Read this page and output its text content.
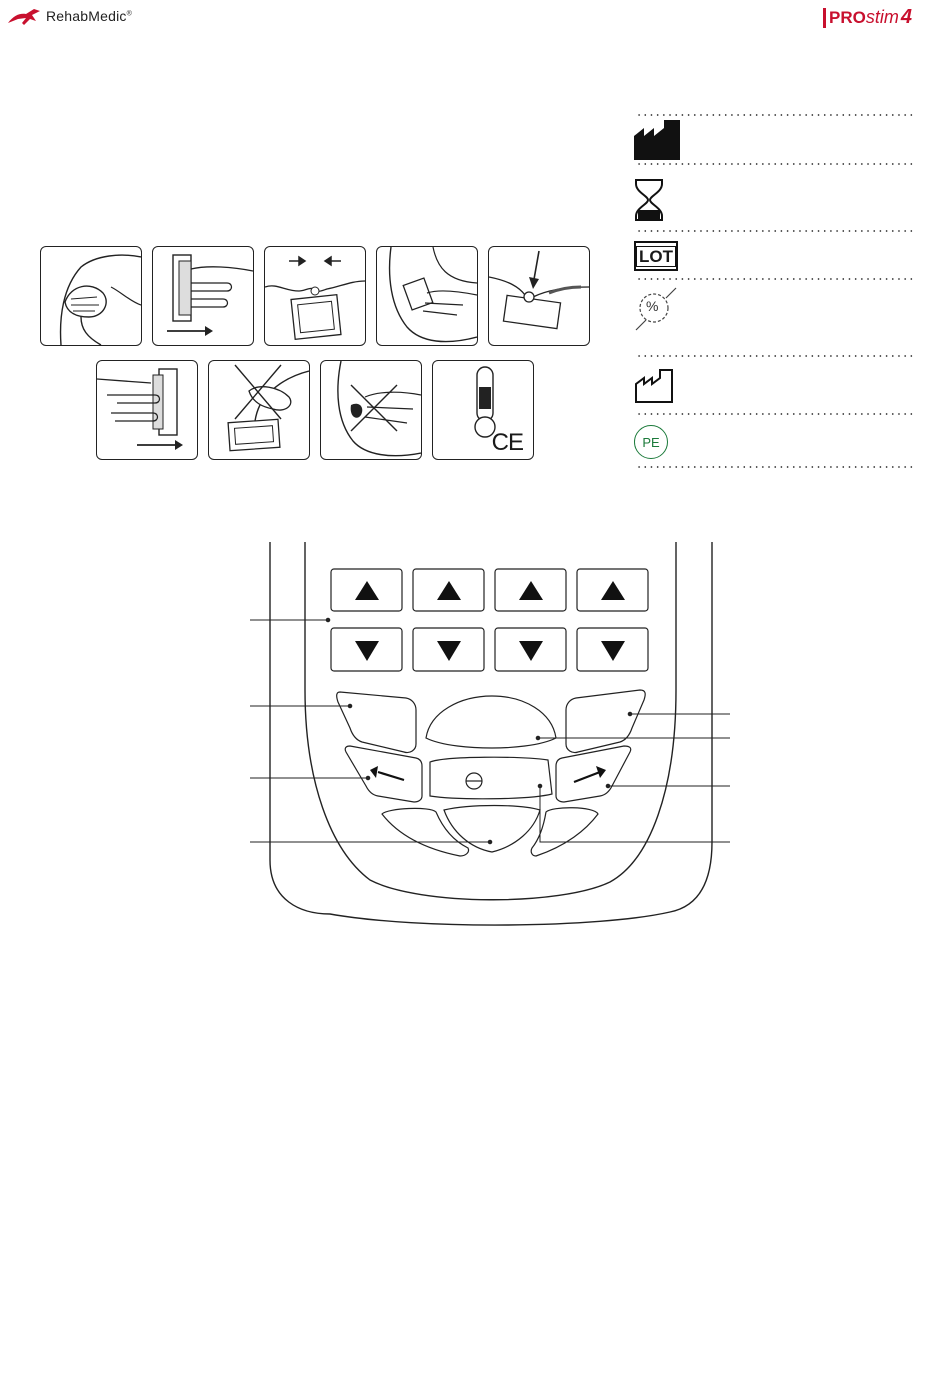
RehabMedic®	PRO stim 4
CE
LOT
%
PE
